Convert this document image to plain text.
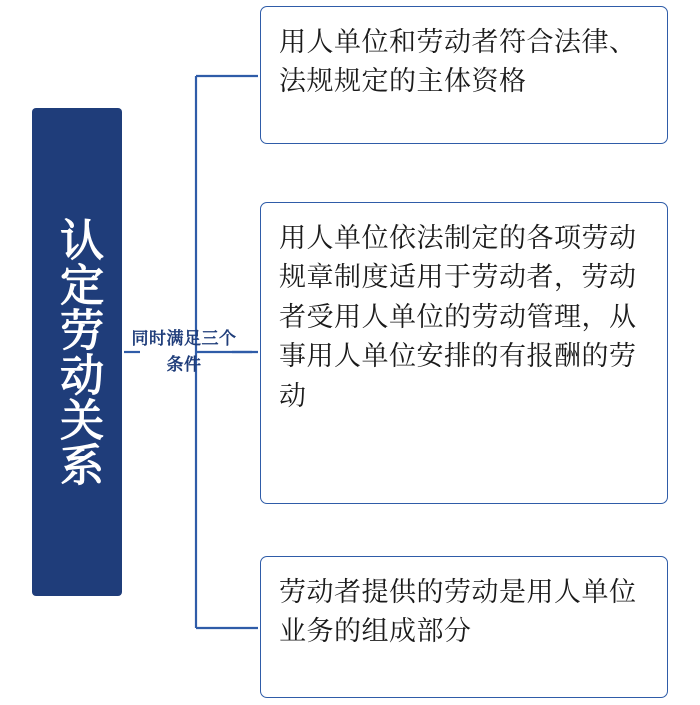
认定劳动关系 同时满足三个条件
用人单位和劳动者符合法律、法规规定的主体资格
用人单位依法制定的各项劳动规章制度适用于劳动者，劳动者受用人单位的劳动管理，从事用人单位安排的有报酬的劳动
劳动者提供的劳动是用人单位业务的组成部分
